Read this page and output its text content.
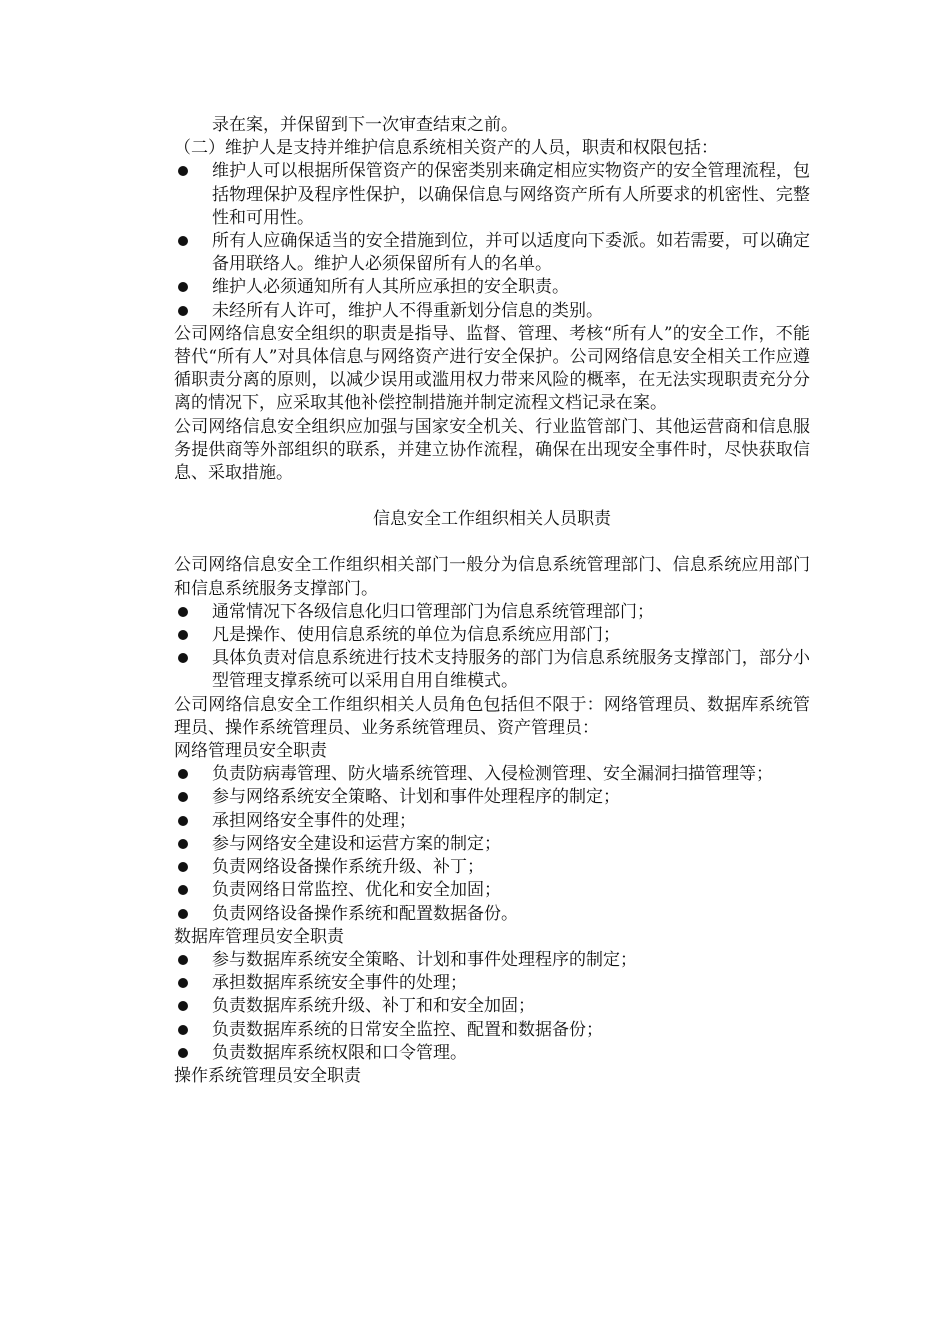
录在案，并保留到下一次审查结束之前。

（二）维护人是支持并维护信息系统相关资产的人员，职责和权限包括：

维护人可以根据所保管资产的保密类别来确定相应实物资产的安全管理流程，包括物理保护及程序性保护，以确保信息与网络资产所有人所要求的机密性、完整性和可用性。
所有人应确保适当的安全措施到位，并可以适度向下委派。如若需要，可以确定备用联络人。维护人必须保留所有人的名单。
维护人必须通知所有人其所应承担的安全职责。
未经所有人许可，维护人不得重新划分信息的类别。

公司网络信息安全组织的职责是指导、监督、管理、考核“所有人”的安全工作，不能替代“所有人”对具体信息与网络资产进行安全保护。公司网络信息安全相关工作应遵循职责分离的原则，以减少误用或滥用权力带来风险的概率，在无法实现职责充分分离的情况下，应采取其他补偿控制措施并制定流程文档记录在案。

公司网络信息安全组织应加强与国家安全机关、行业监管部门、其他运营商和信息服务提供商等外部组织的联系，并建立协作流程，确保在出现安全事件时，尽快获取信息、采取措施。

信息安全工作组织相关人员职责

公司网络信息安全工作组织相关部门一般分为信息系统管理部门、信息系统应用部门和信息系统服务支撑部门。

通常情况下各级信息化归口管理部门为信息系统管理部门；
凡是操作、使用信息系统的单位为信息系统应用部门；
具体负责对信息系统进行技术支持服务的部门为信息系统服务支撑部门，部分小型管理支撑系统可以采用自用自维模式。

公司网络信息安全工作组织相关人员角色包括但不限于：网络管理员、数据库系统管理员、操作系统管理员、业务系统管理员、资产管理员：

网络管理员安全职责

负责防病毒管理、防火墙系统管理、入侵检测管理、安全漏洞扫描管理等；
参与网络系统安全策略、计划和事件处理程序的制定；
承担网络安全事件的处理；
参与网络安全建设和运营方案的制定；
负责网络设备操作系统升级、补丁；
负责网络日常监控、优化和安全加固；
负责网络设备操作系统和配置数据备份。

数据库管理员安全职责

参与数据库系统安全策略、计划和事件处理程序的制定；
承担数据库系统安全事件的处理；
负责数据库系统升级、补丁和和安全加固；
负责数据库系统的日常安全监控、配置和数据备份；
负责数据库系统权限和口令管理。

操作系统管理员安全职责
